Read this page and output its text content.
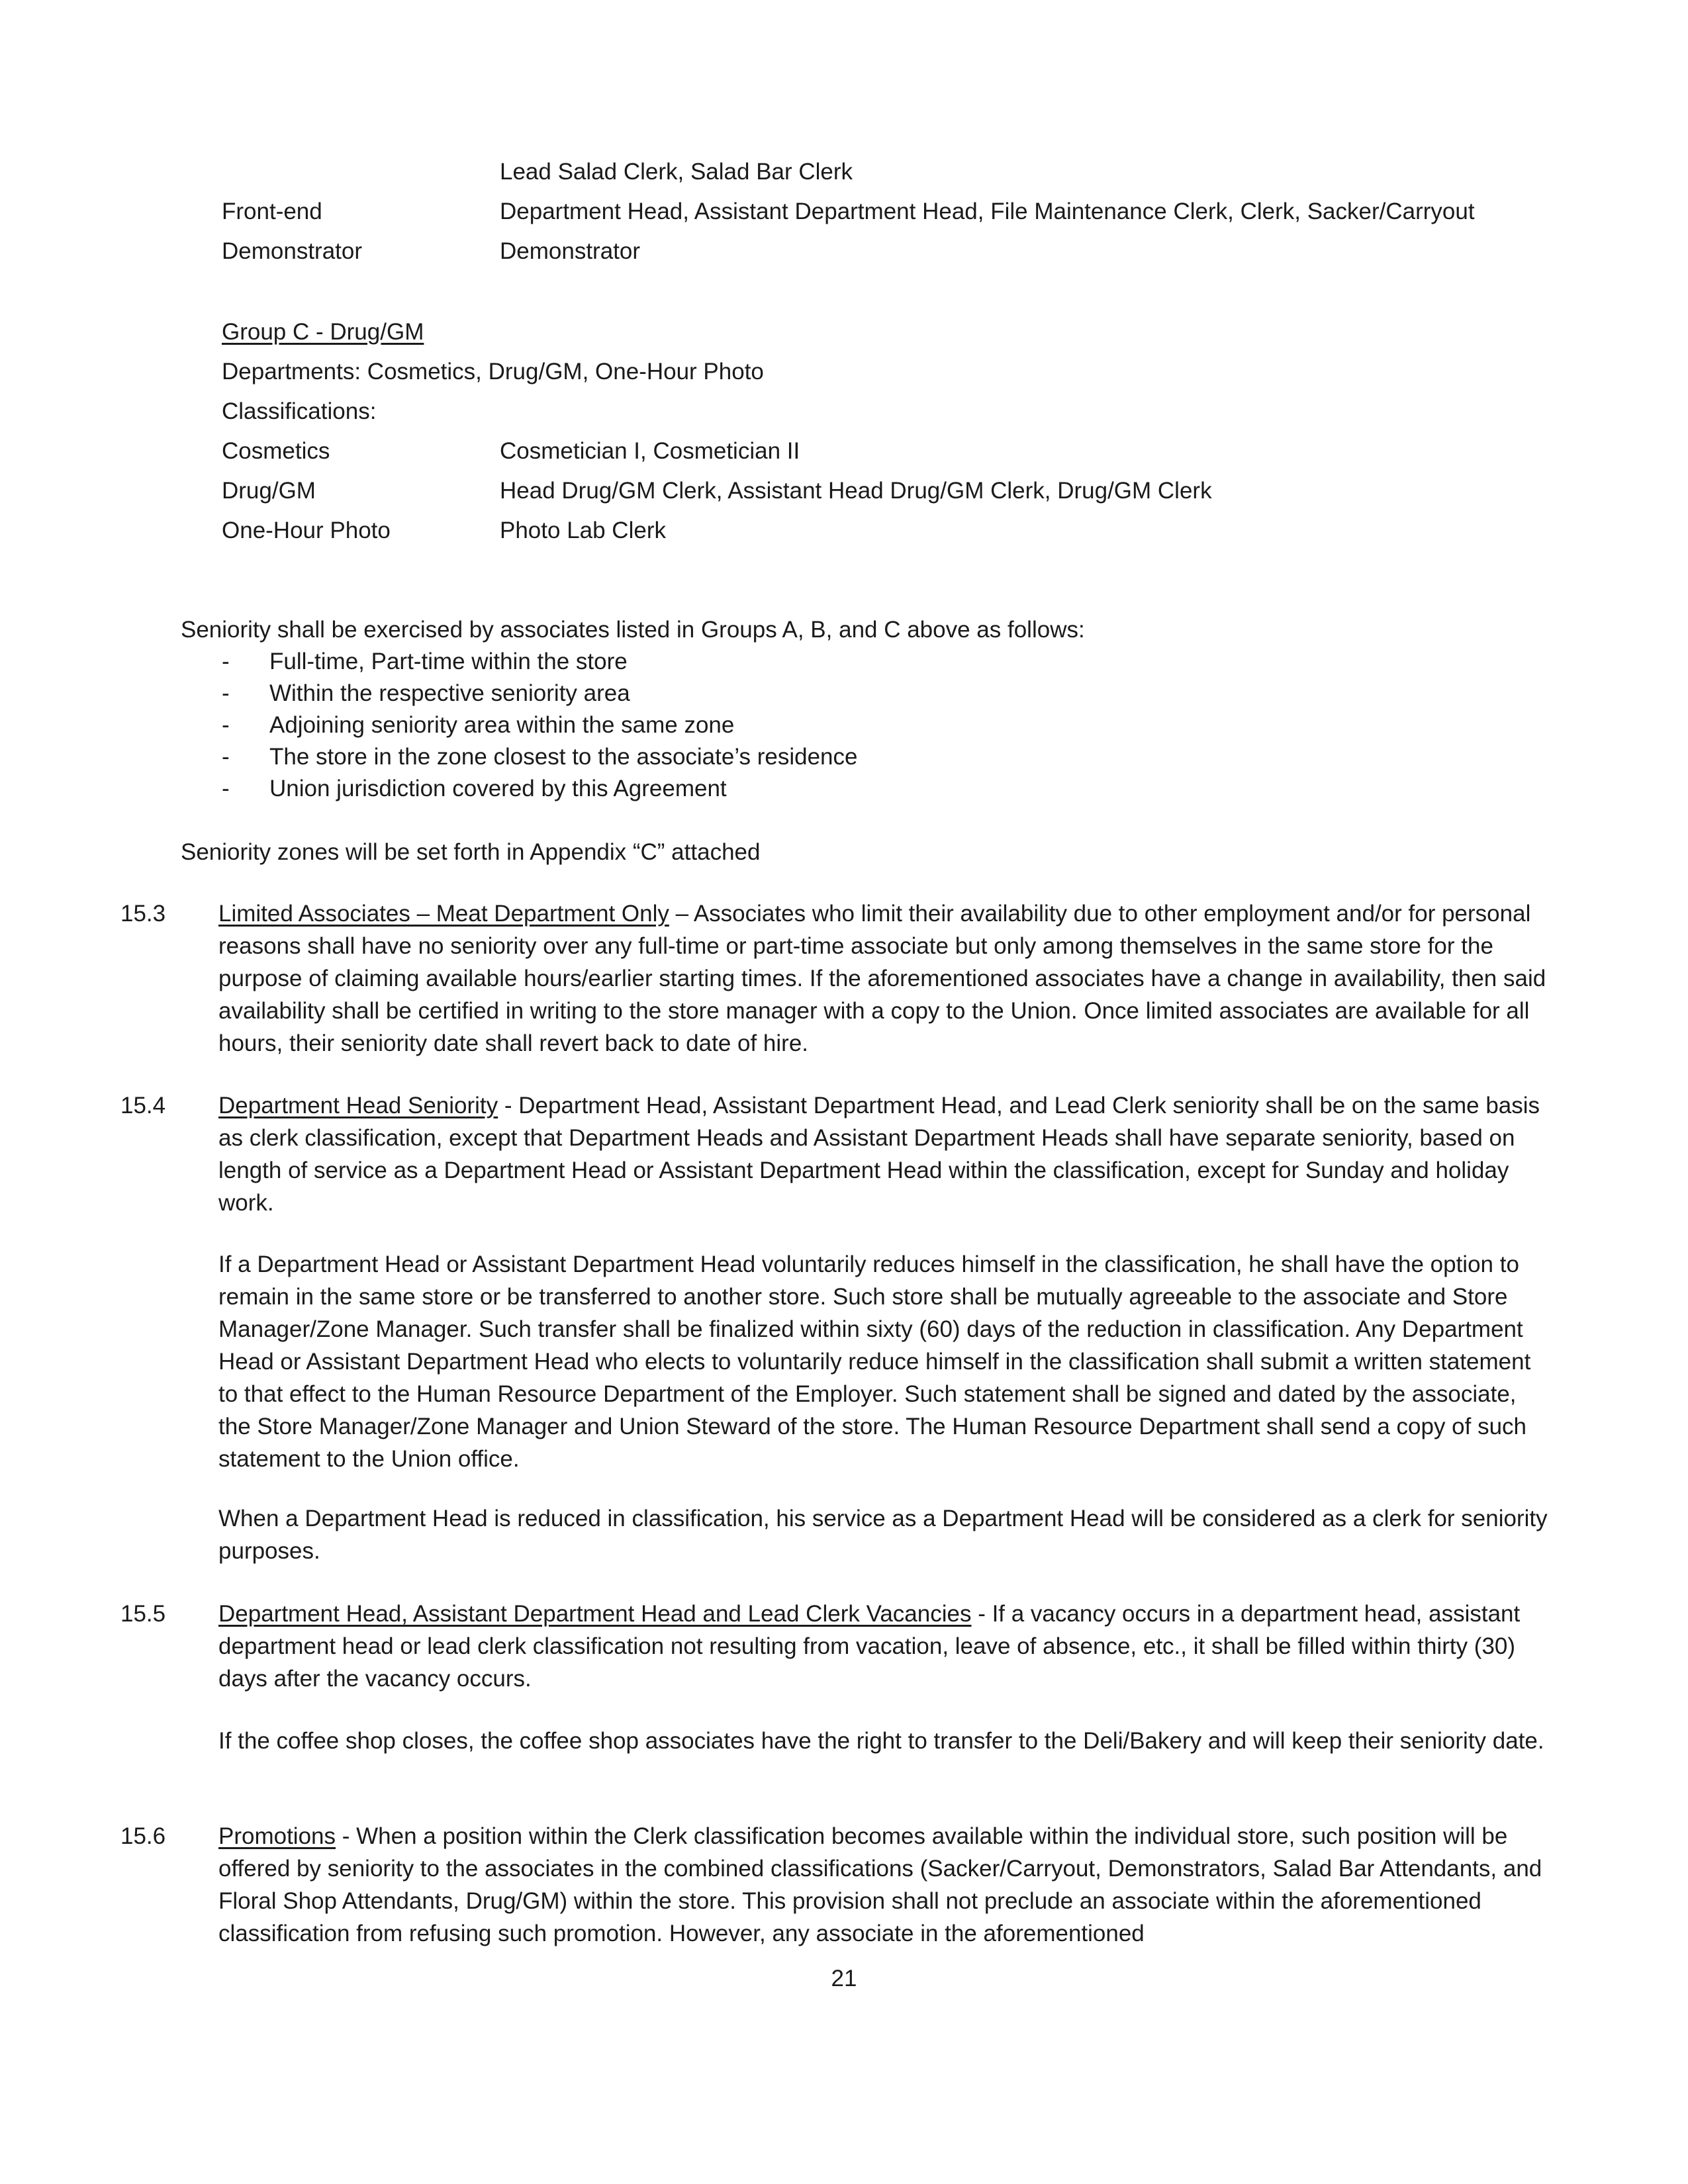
Lead Salad Clerk, Salad Bar Clerk
Front-end	Department Head, Assistant Department Head, File Maintenance Clerk, Clerk, Sacker/Carryout
Demonstrator	Demonstrator
Group C - Drug/GM
Departments: Cosmetics, Drug/GM, One-Hour Photo
Classifications:
Cosmetics	Cosmetician I, Cosmetician II
Drug/GM	Head Drug/GM Clerk, Assistant Head Drug/GM Clerk, Drug/GM Clerk
One-Hour Photo	Photo Lab Clerk
Seniority shall be exercised by associates listed in Groups A, B, and C above as follows:
- Full-time, Part-time within the store
- Within the respective seniority area
- Adjoining seniority area within the same zone
- The store in the zone closest to the associate’s residence
- Union jurisdiction covered by this Agreement
Seniority zones will be set forth in Appendix “C” attached
15.3 Limited Associates – Meat Department Only – Associates who limit their availability due to other employment and/or for personal reasons shall have no seniority over any full-time or part-time associate but only among themselves in the same store for the purpose of claiming available hours/earlier starting times. If the aforementioned associates have a change in availability, then said availability shall be certified in writing to the store manager with a copy to the Union. Once limited associates are available for all hours, their seniority date shall revert back to date of hire.
15.4 Department Head Seniority - Department Head, Assistant Department Head, and Lead Clerk seniority shall be on the same basis as clerk classification, except that Department Heads and Assistant Department Heads shall have separate seniority, based on length of service as a Department Head or Assistant Department Head within the classification, except for Sunday and holiday work.
If a Department Head or Assistant Department Head voluntarily reduces himself in the classification, he shall have the option to remain in the same store or be transferred to another store. Such store shall be mutually agreeable to the associate and Store Manager/Zone Manager. Such transfer shall be finalized within sixty (60) days of the reduction in classification. Any Department Head or Assistant Department Head who elects to voluntarily reduce himself in the classification shall submit a written statement to that effect to the Human Resource Department of the Employer. Such statement shall be signed and dated by the associate, the Store Manager/Zone Manager and Union Steward of the store. The Human Resource Department shall send a copy of such statement to the Union office.
When a Department Head is reduced in classification, his service as a Department Head will be considered as a clerk for seniority purposes.
15.5 Department Head, Assistant Department Head and Lead Clerk Vacancies - If a vacancy occurs in a department head, assistant department head or lead clerk classification not resulting from vacation, leave of absence, etc., it shall be filled within thirty (30) days after the vacancy occurs.
If the coffee shop closes, the coffee shop associates have the right to transfer to the Deli/Bakery and will keep their seniority date.
15.6 Promotions - When a position within the Clerk classification becomes available within the individual store, such position will be offered by seniority to the associates in the combined classifications (Sacker/Carryout, Demonstrators, Salad Bar Attendants, and Floral Shop Attendants, Drug/GM) within the store. This provision shall not preclude an associate within the aforementioned classification from refusing such promotion. However, any associate in the aforementioned
21
